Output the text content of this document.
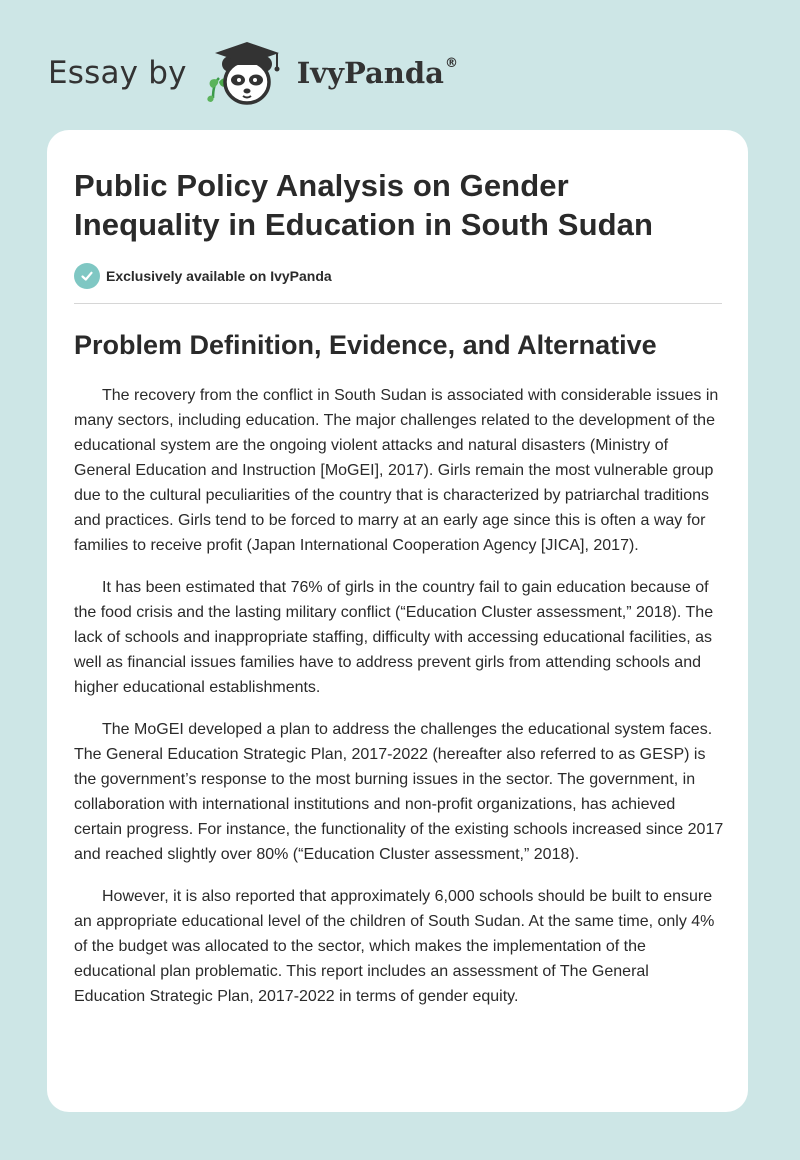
Essay by	IvyPanda®
Public Policy Analysis on Gender Inequality in Education in South Sudan
Exclusively available on IvyPanda
Problem Definition, Evidence, and Alternative

The recovery from the conflict in South Sudan is associated with considerable issues in many sectors, including education. The major challenges related to the development of the educational system are the ongoing violent attacks and natural disasters (Ministry of General Education and Instruction [MoGEI], 2017). Girls remain the most vulnerable group due to the cultural peculiarities of the country that is characterized by patriarchal traditions and practices. Girls tend to be forced to marry at an early age since this is often a way for families to receive profit (Japan International Cooperation Agency [JICA], 2017).

It has been estimated that 76% of girls in the country fail to gain education because of the food crisis and the lasting military conflict (“Education Cluster assessment,” 2018). The lack of schools and inappropriate staffing, difficulty with accessing educational facilities, as well as financial issues families have to address prevent girls from attending schools and higher educational establishments.

The MoGEI developed a plan to address the challenges the educational system faces. The General Education Strategic Plan, 2017-2022 (hereafter also referred to as GESP) is the government’s response to the most burning issues in the sector. The government, in collaboration with international institutions and non-profit organizations, has achieved certain progress. For instance, the functionality of the existing schools increased since 2017 and reached slightly over 80% (“Education Cluster assessment,” 2018).

However, it is also reported that approximately 6,000 schools should be built to ensure an appropriate educational level of the children of South Sudan. At the same time, only 4% of the budget was allocated to the sector, which makes the implementation of the educational plan problematic. This report includes an assessment of The General Education Strategic Plan, 2017-2022 in terms of gender equity.
